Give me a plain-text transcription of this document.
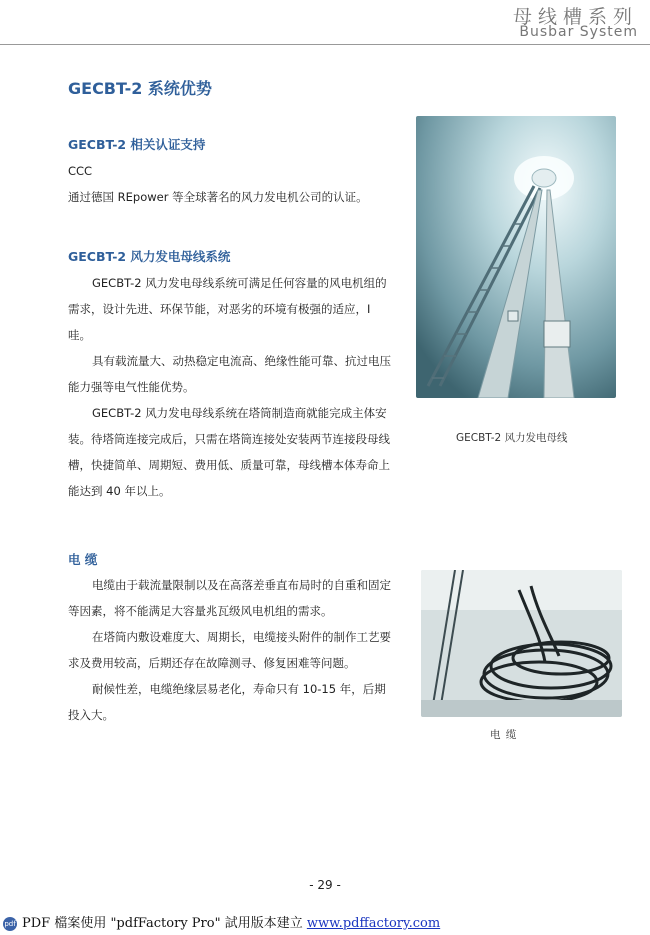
母线槽系列
Busbar System
GECBT-2 系统优势
GECBT-2 相关认证支持
CCC
通过德国 REpower 等全球著名的风力发电机公司的认证。
GECBT-2 风力发电母线系统

GECBT-2 风力发电母线系统可满足任何容量的风电机组的需求，设计先进、环保节能，对恶劣的环境有极强的适应，I 哇。

具有载流量大、动热稳定电流高、绝缘性能可靠、抗过电压能力强等电气性能优势。

GECBT-2 风力发电母线系统在塔筒制造商就能完成主体安装。待塔筒连接完成后，只需在塔筒连接处安装两节连接段母线槽，快捷简单、周期短、费用低、质量可靠，母线槽本体寿命上能达到 40 年以上。

GECBT-2 风力发电母线
电 缆

电缆由于载流量限制以及在高落差垂直布局时的自重和固定等因素，将不能满足大容量兆瓦级风电机组的需求。

在塔筒内敷设难度大、周期长，电缆接头附件的制作工艺要求及费用较高，后期还存在故障测寻、修复困难等问题。

耐候性差，电缆绝缘层易老化，寿命只有 10-15 年，后期投入大。

电 缆
- 29 -
pdf PDF 檔案使用 "pdfFactory Pro" 試用版本建立 www.pdffactory.com
